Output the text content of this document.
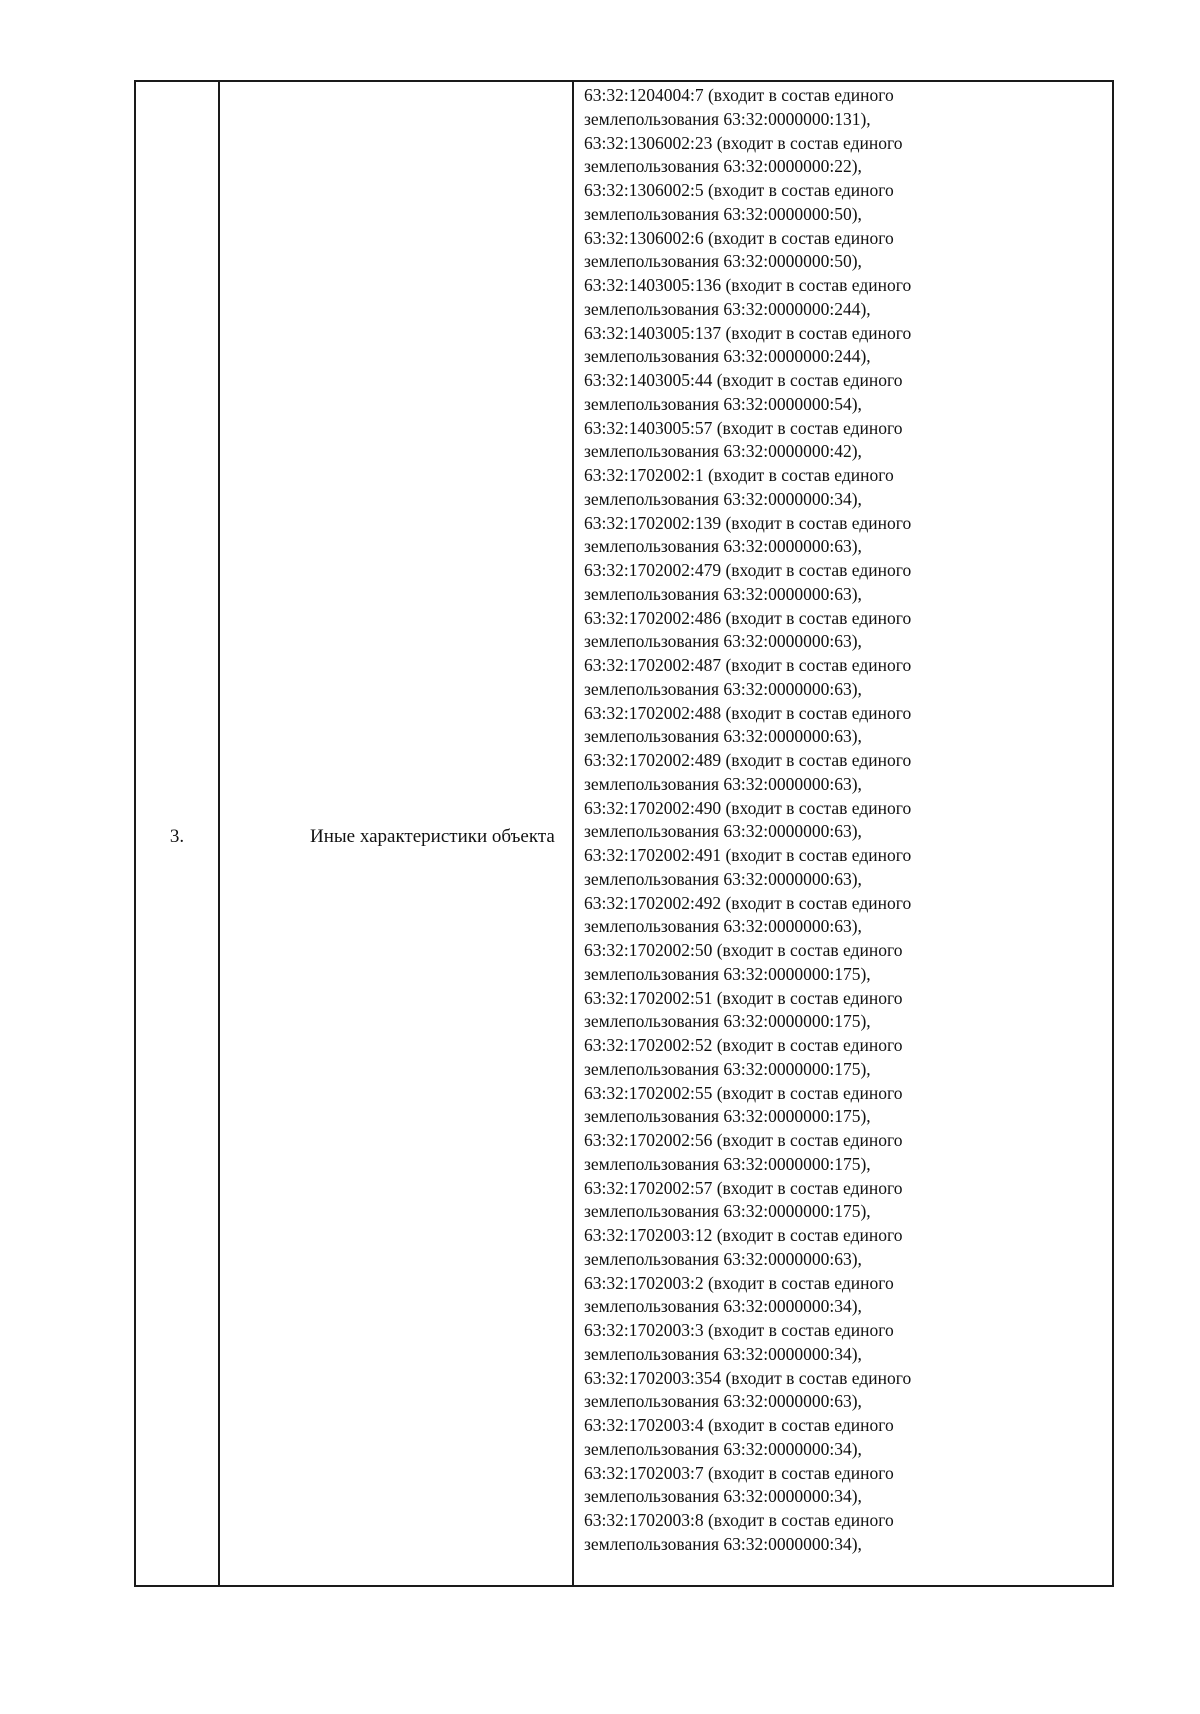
3.	Иные характеристики объекта
63:32:1204004:7 (входит в состав единого
землепользования 63:32:0000000:131),
63:32:1306002:23 (входит в состав единого
землепользования 63:32:0000000:22),
63:32:1306002:5 (входит в состав единого
землепользования 63:32:0000000:50),
63:32:1306002:6 (входит в состав единого
землепользования 63:32:0000000:50),
63:32:1403005:136 (входит в состав единого
землепользования 63:32:0000000:244),
63:32:1403005:137 (входит в состав единого
землепользования 63:32:0000000:244),
63:32:1403005:44 (входит в состав единого
землепользования 63:32:0000000:54),
63:32:1403005:57 (входит в состав единого
землепользования 63:32:0000000:42),
63:32:1702002:1 (входит в состав единого
землепользования 63:32:0000000:34),
63:32:1702002:139 (входит в состав единого
землепользования 63:32:0000000:63),
63:32:1702002:479 (входит в состав единого
землепользования 63:32:0000000:63),
63:32:1702002:486 (входит в состав единого
землепользования 63:32:0000000:63),
63:32:1702002:487 (входит в состав единого
землепользования 63:32:0000000:63),
63:32:1702002:488 (входит в состав единого
землепользования 63:32:0000000:63),
63:32:1702002:489 (входит в состав единого
землепользования 63:32:0000000:63),
63:32:1702002:490 (входит в состав единого
землепользования 63:32:0000000:63),
63:32:1702002:491 (входит в состав единого
землепользования 63:32:0000000:63),
63:32:1702002:492 (входит в состав единого
землепользования 63:32:0000000:63),
63:32:1702002:50 (входит в состав единого
землепользования 63:32:0000000:175),
63:32:1702002:51 (входит в состав единого
землепользования 63:32:0000000:175),
63:32:1702002:52 (входит в состав единого
землепользования 63:32:0000000:175),
63:32:1702002:55 (входит в состав единого
землепользования 63:32:0000000:175),
63:32:1702002:56 (входит в состав единого
землепользования 63:32:0000000:175),
63:32:1702002:57 (входит в состав единого
землепользования 63:32:0000000:175),
63:32:1702003:12 (входит в состав единого
землепользования 63:32:0000000:63),
63:32:1702003:2 (входит в состав единого
землепользования 63:32:0000000:34),
63:32:1702003:3 (входит в состав единого
землепользования 63:32:0000000:34),
63:32:1702003:354 (входит в состав единого
землепользования 63:32:0000000:63),
63:32:1702003:4 (входит в состав единого
землепользования 63:32:0000000:34),
63:32:1702003:7 (входит в состав единого
землепользования 63:32:0000000:34),
63:32:1702003:8 (входит в состав единого
землепользования 63:32:0000000:34),
